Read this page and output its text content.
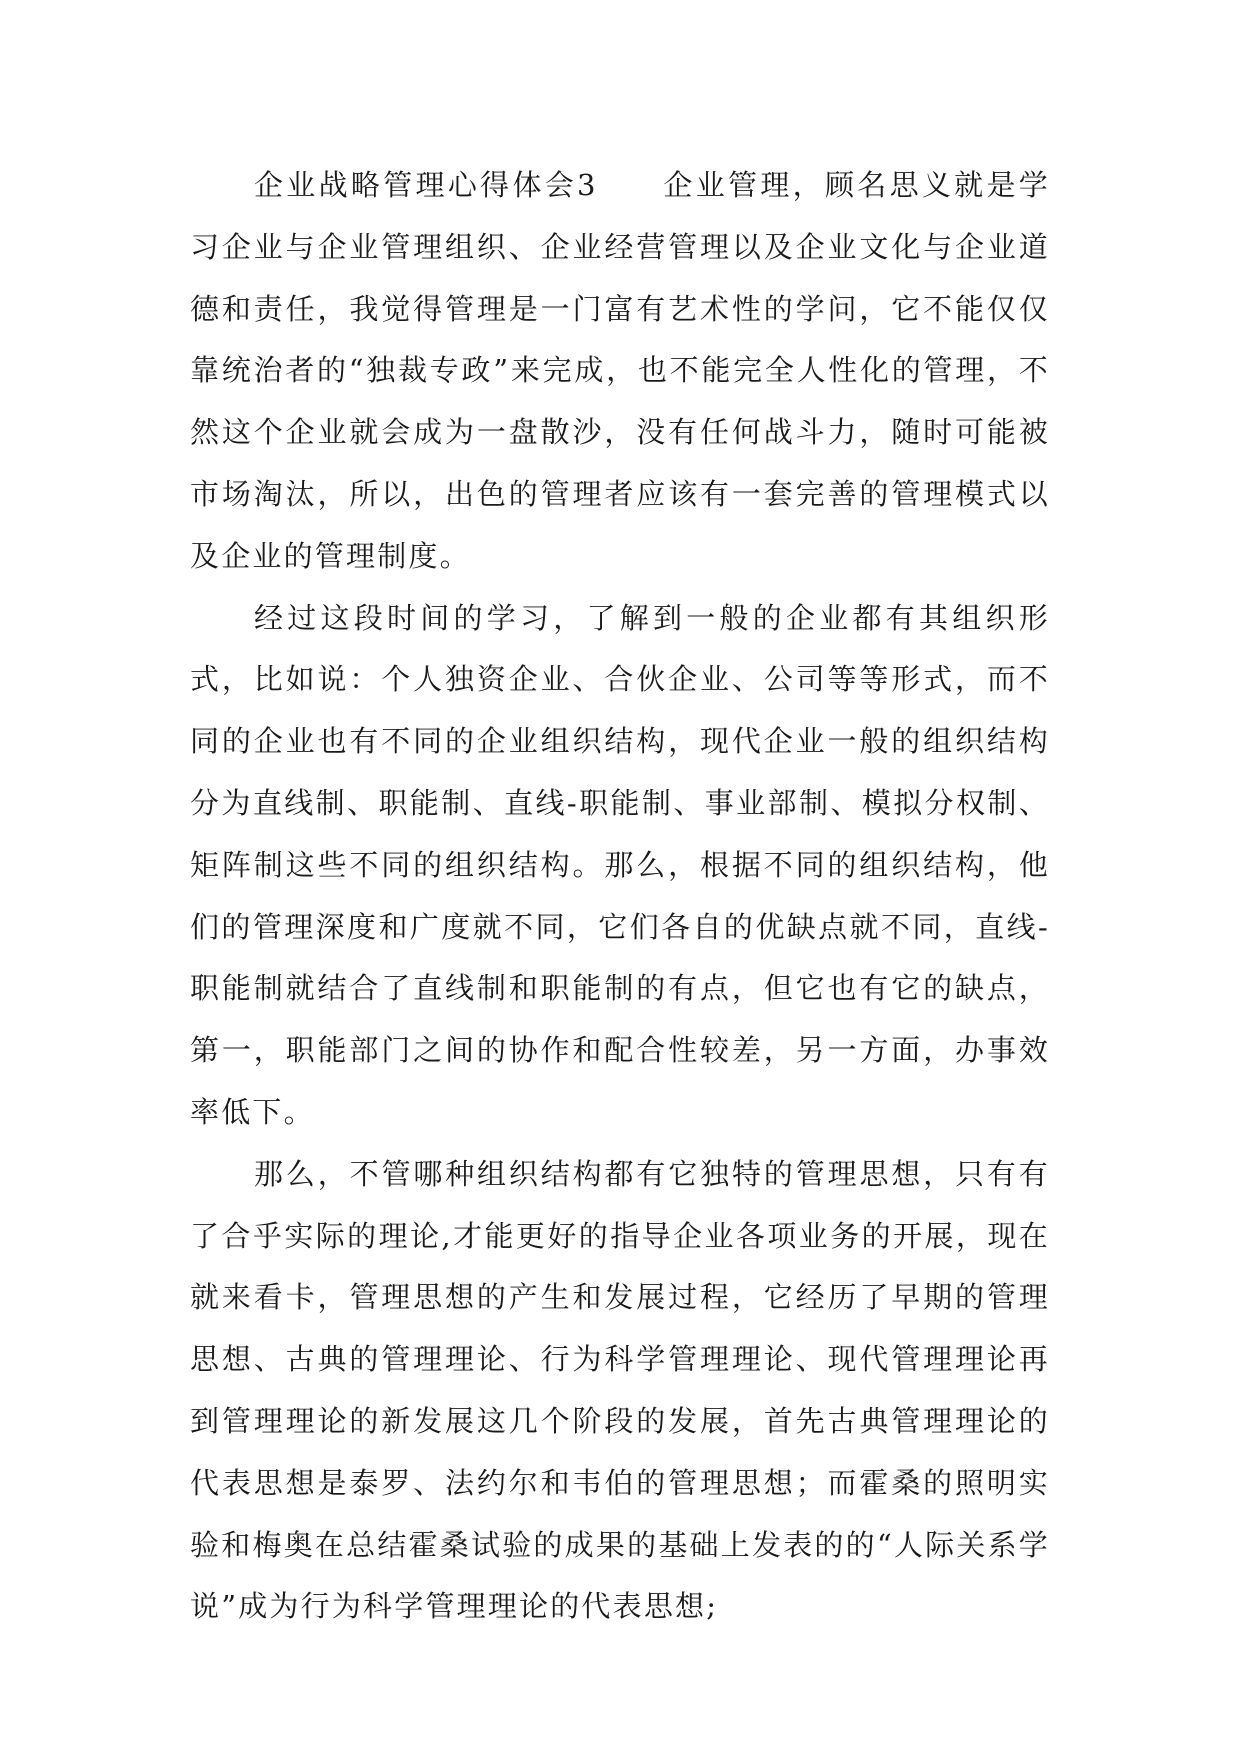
企业战略管理心得体会3　　企业管理，顾名思义就是学习企业与企业管理组织、企业经营管理以及企业文化与企业道德和责任，我觉得管理是一门富有艺术性的学问，它不能仅仅靠统治者的“独裁专政”来完成，也不能完全人性化的管理，不然这个企业就会成为一盘散沙，没有任何战斗力，随时可能被市场淘汰，所以，出色的管理者应该有一套完善的管理模式以及企业的管理制度。

经过这段时间的学习，了解到一般的企业都有其组织形式，比如说：个人独资企业、合伙企业、公司等等形式，而不同的企业也有不同的企业组织结构，现代企业一般的组织结构分为直线制、职能制、直线-职能制、事业部制、模拟分权制、矩阵制这些不同的组织结构。那么，根据不同的组织结构，他们的管理深度和广度就不同，它们各自的优缺点就不同，直线-职能制就结合了直线制和职能制的有点，但它也有它的缺点，第一，职能部门之间的协作和配合性较差，另一方面，办事效率低下。

那么，不管哪种组织结构都有它独特的管理思想，只有有了合乎实际的理论,才能更好的指导企业各项业务的开展，现在就来看卡，管理思想的产生和发展过程，它经历了早期的管理思想、古典的管理理论、行为科学管理理论、现代管理理论再到管理理论的新发展这几个阶段的发展，首先古典管理理论的代表思想是泰罗、法约尔和韦伯的管理思想；而霍桑的照明实验和梅奥在总结霍桑试验的成果的基础上发表的的“人际关系学说”成为行为科学管理理论的代表思想;
